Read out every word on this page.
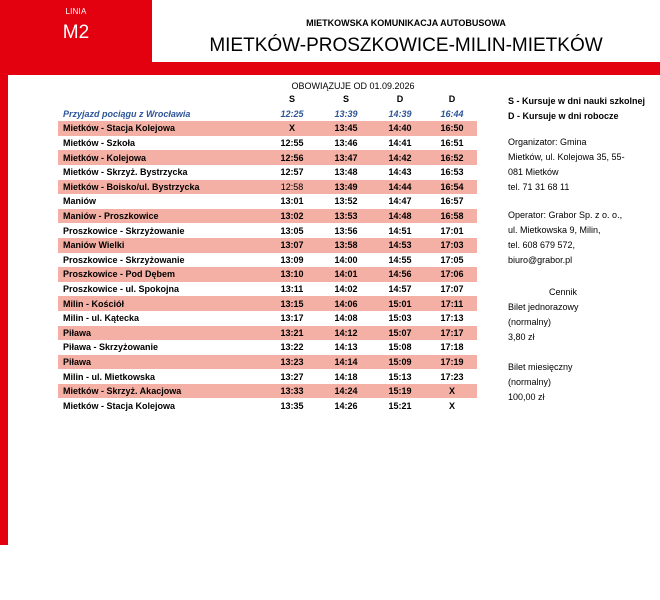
LINIA
M2	MIETKOWSKA KOMUNIKACJA AUTOBUSOWA
MIETKÓW-PROSZKOWICE-MILIN-MIETKÓW
OBOWIĄZUJE OD 01.09.2026
	S	S	D	D
Przyjazd pociągu z Wrocławia	12:25	13:39	14:39	16:44
Mietków - Stacja Kolejowa	X	13:45	14:40	16:50
Mietków - Szkoła	12:55	13:46	14:41	16:51
Mietków - Kolejowa	12:56	13:47	14:42	16:52
Mietków - Skrzyż. Bystrzycka	12:57	13:48	14:43	16:53
Mietków - Boisko/ul. Bystrzycka	12:58	13:49	14:44	16:54
Maniów	13:01	13:52	14:47	16:57
Maniów - Proszkowice	13:02	13:53	14:48	16:58
Proszkowice - Skrzyżowanie	13:05	13:56	14:51	17:01
Maniów Wielki	13:07	13:58	14:53	17:03
Proszkowice - Skrzyżowanie	13:09	14:00	14:55	17:05
Proszkowice - Pod Dębem	13:10	14:01	14:56	17:06
Proszkowice - ul. Spokojna	13:11	14:02	14:57	17:07
Milin - Kościół	13:15	14:06	15:01	17:11
Milin - ul. Kątecka	13:17	14:08	15:03	17:13
Piława	13:21	14:12	15:07	17:17
Piława - Skrzyżowanie	13:22	14:13	15:08	17:18
Piława	13:23	14:14	15:09	17:19
Milin - ul. Mietkowska	13:27	14:18	15:13	17:23
Mietków - Skrzyż. Akacjowa	13:33	14:24	15:19	X
Mietków - Stacja Kolejowa	13:35	14:26	15:21	X
S - Kursuje w dni nauki szkolnej
D - Kursuje w dni robocze
Organizator: Gmina
Mietków, ul. Kolejowa 35, 55-
081 Mietków
tel. 71 31 68 11
Operator: Grabor Sp. z o. o.,
ul. Mietkowska 9, Milin,
tel. 608 679 572,
biuro@grabor.pl
Cennik
Bilet jednorazowy
(normalny)
3,80 zł
Bilet miesięczny
(normalny)
100,00 zł
